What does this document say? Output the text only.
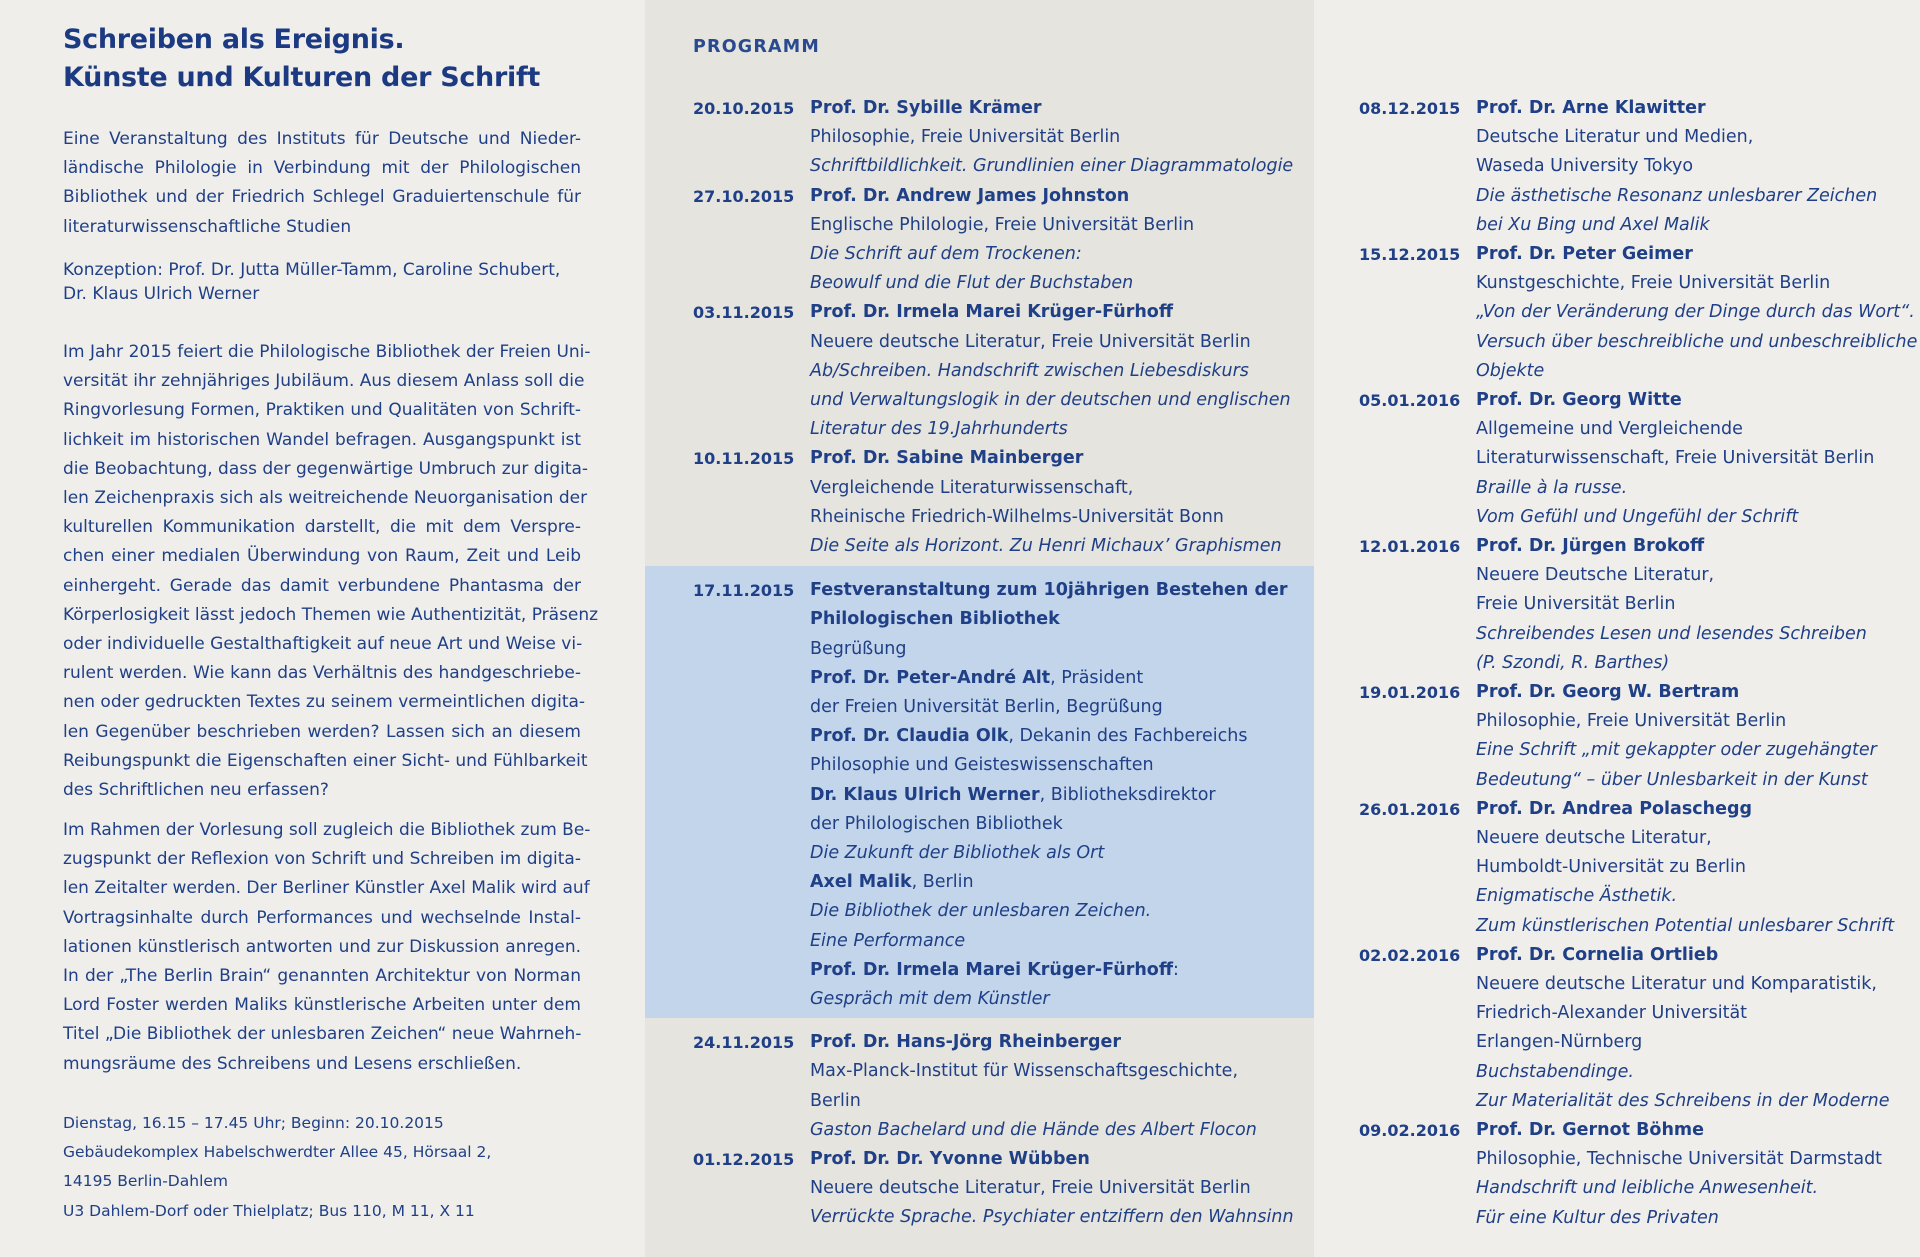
Schreiben als Ereignis.
Künste und Kulturen der Schrift

Eine Veranstaltung des Instituts für Deutsche und Nieder-
ländische Philologie in Verbindung mit der Philologischen
Bibliothek und der Friedrich Schlegel Graduiertenschule für
literaturwissenschaftliche Studien

Konzeption: Prof. Dr. Jutta Müller-Tamm, Caroline Schubert,
Dr. Klaus Ulrich Werner

Im Jahr 2015 feiert die Philologische Bibliothek der Freien Uni-
versität ihr zehnjähriges Jubiläum. Aus diesem Anlass soll die
Ringvorlesung Formen, Praktiken und Qualitäten von Schrift-
lichkeit im historischen Wandel befragen. Ausgangspunkt ist
die Beobachtung, dass der gegenwärtige Umbruch zur digita-
len Zeichenpraxis sich als weitreichende Neuorganisation der
kulturellen Kommunikation darstellt, die mit dem Verspre-
chen einer medialen Überwindung von Raum, Zeit und Leib
einhergeht. Gerade das damit verbundene Phantasma der
Körperlosigkeit lässt jedoch Themen wie Authentizität, Präsenz
oder individuelle Gestalthaftigkeit auf neue Art und Weise vi-
rulent werden. Wie kann das Verhältnis des handgeschriebe-
nen oder gedruckten Textes zu seinem vermeintlichen digita-
len Gegenüber beschrieben werden? Lassen sich an diesem
Reibungspunkt die Eigenschaften einer Sicht- und Fühlbarkeit
des Schriftlichen neu erfassen?

Im Rahmen der Vorlesung soll zugleich die Bibliothek zum Be-
zugspunkt der Reflexion von Schrift und Schreiben im digita-
len Zeitalter werden. Der Berliner Künstler Axel Malik wird auf
Vortragsinhalte durch Performances und wechselnde Instal-
lationen künstlerisch antworten und zur Diskussion anregen.
In der „The Berlin Brain“ genannten Architektur von Norman
Lord Foster werden Maliks künstlerische Arbeiten unter dem
Titel „Die Bibliothek der unlesbaren Zeichen“ neue Wahrneh-
mungsräume des Schreibens und Lesens erschließen.

Dienstag, 16.15 – 17.45 Uhr; Beginn: 20.10.2015
Gebäudekomplex Habelschwerdter Allee 45, Hörsaal 2,
14195 Berlin-Dahlem
U3 Dahlem-Dorf oder Thielplatz; Bus 110, M 11, X 11
PROGRAMM
20.10.2015 Prof. Dr. Sybille Krämer
Philosophie, Freie Universität Berlin
Schriftbildlichkeit. Grundlinien einer Diagrammatologie
27.10.2015 Prof. Dr. Andrew James Johnston
Englische Philologie, Freie Universität Berlin
Die Schrift auf dem Trockenen:
Beowulf und die Flut der Buchstaben
03.11.2015 Prof. Dr. Irmela Marei Krüger-Fürhoff
Neuere deutsche Literatur, Freie Universität Berlin
Ab/Schreiben. Handschrift zwischen Liebesdiskurs
und Verwaltungslogik in der deutschen und englischen
Literatur des 19.Jahrhunderts
10.11.2015 Prof. Dr. Sabine Mainberger
Vergleichende Literaturwissenschaft,
Rheinische Friedrich-Wilhelms-Universität Bonn
Die Seite als Horizont. Zu Henri Michaux’ Graphismen
17.11.2015 Festveranstaltung zum 10jährigen Bestehen der
Philologischen Bibliothek
Begrüßung
Prof. Dr. Peter-André Alt, Präsident
der Freien Universität Berlin, Begrüßung
Prof. Dr. Claudia Olk, Dekanin des Fachbereichs
Philosophie und Geisteswissenschaften
Dr. Klaus Ulrich Werner, Bibliotheksdirektor
der Philologischen Bibliothek
Die Zukunft der Bibliothek als Ort
Axel Malik, Berlin
Die Bibliothek der unlesbaren Zeichen.
Eine Performance
Prof. Dr. Irmela Marei Krüger-Fürhoff:
Gespräch mit dem Künstler
24.11.2015 Prof. Dr. Hans-Jörg Rheinberger
Max-Planck-Institut für Wissenschaftsgeschichte,
Berlin
Gaston Bachelard und die Hände des Albert Flocon
01.12.2015 Prof. Dr. Dr. Yvonne Wübben
Neuere deutsche Literatur, Freie Universität Berlin
Verrückte Sprache. Psychiater entziffern den Wahnsinn
08.12.2015 Prof. Dr. Arne Klawitter
Deutsche Literatur und Medien,
Waseda University Tokyo
Die ästhetische Resonanz unlesbarer Zeichen
bei Xu Bing und Axel Malik
15.12.2015 Prof. Dr. Peter Geimer
Kunstgeschichte, Freie Universität Berlin
„Von der Veränderung der Dinge durch das Wort“.
Versuch über beschreibliche und unbeschreibliche
Objekte
05.01.2016 Prof. Dr. Georg Witte
Allgemeine und Vergleichende
Literaturwissenschaft, Freie Universität Berlin
Braille à la russe.
Vom Gefühl und Ungefühl der Schrift
12.01.2016 Prof. Dr. Jürgen Brokoff
Neuere Deutsche Literatur,
Freie Universität Berlin
Schreibendes Lesen und lesendes Schreiben
(P. Szondi, R. Barthes)
19.01.2016 Prof. Dr. Georg W. Bertram
Philosophie, Freie Universität Berlin
Eine Schrift „mit gekappter oder zugehängter
Bedeutung“ – über Unlesbarkeit in der Kunst
26.01.2016 Prof. Dr. Andrea Polaschegg
Neuere deutsche Literatur,
Humboldt-Universität zu Berlin
Enigmatische Ästhetik.
Zum künstlerischen Potential unlesbarer Schrift
02.02.2016 Prof. Dr. Cornelia Ortlieb
Neuere deutsche Literatur und Komparatistik,
Friedrich-Alexander Universität
Erlangen-Nürnberg
Buchstabendinge.
Zur Materialität des Schreibens in der Moderne
09.02.2016 Prof. Dr. Gernot Böhme
Philosophie, Technische Universität Darmstadt
Handschrift und leibliche Anwesenheit.
Für eine Kultur des Privaten
